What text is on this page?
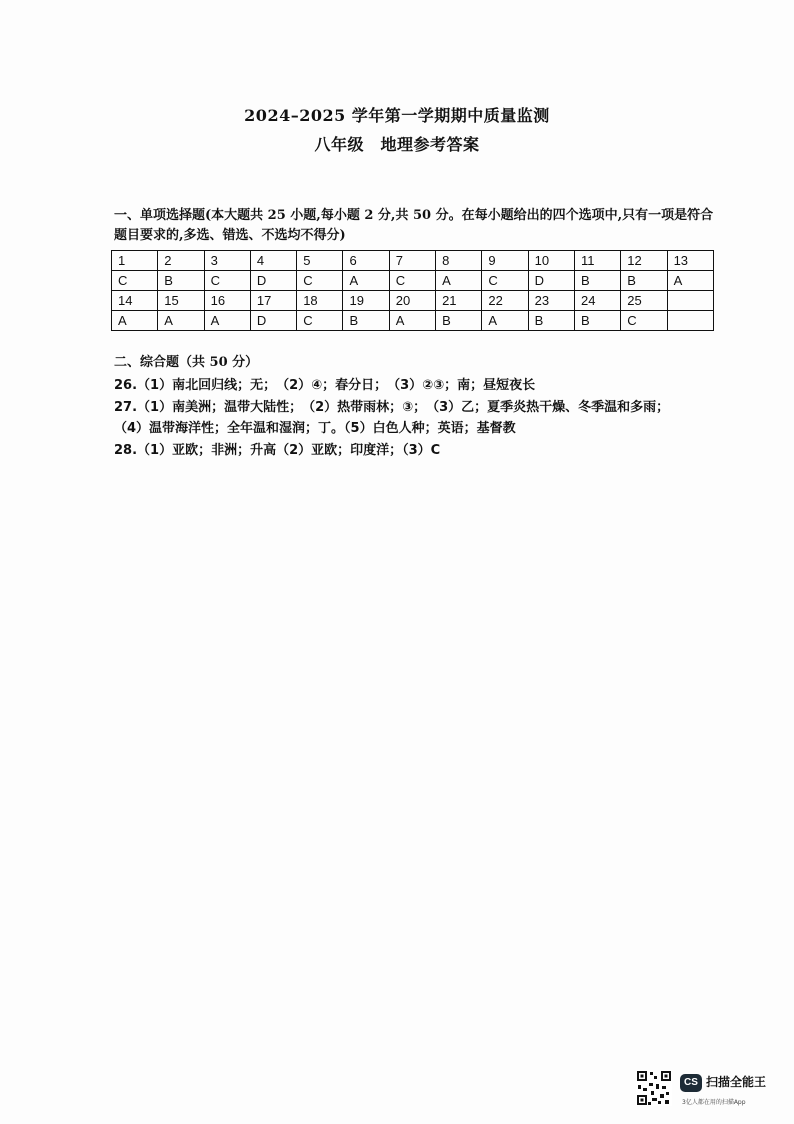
2024–2025 学年第一学期期中质量监测
八年级　地理参考答案
一、单项选择题(本大题共 25 小题,每小题 2 分,共 50 分。在每小题给出的四个选项中,只有一项是符合题目要求的,多选、错选、不选均不得分)
1	2	3	4	5	6	7	8	9	10	11	12	13
C	B	C	D	C	A	C	A	C	D	B	B	A
14	15	16	17	18	19	20	21	22	23	24	25	
A	A	A	D	C	B	A	B	A	B	B	C	
二、综合题（共 50 分）
26.（1）南北回归线；无；　（2）④；春分日；　（3）②③；南；昼短夜长
27.（1）南美洲；温带大陆性；　（2）热带雨林；③；　（3）乙；夏季炎热干燥、冬季温和多雨；
（4）温带海洋性；全年温和湿润；丁。（5）白色人种；英语；基督教
28.（1）亚欧；非洲；升高（2）亚欧；印度洋；（3）C
CS 扫描全能王
3亿人都在用的扫描App
